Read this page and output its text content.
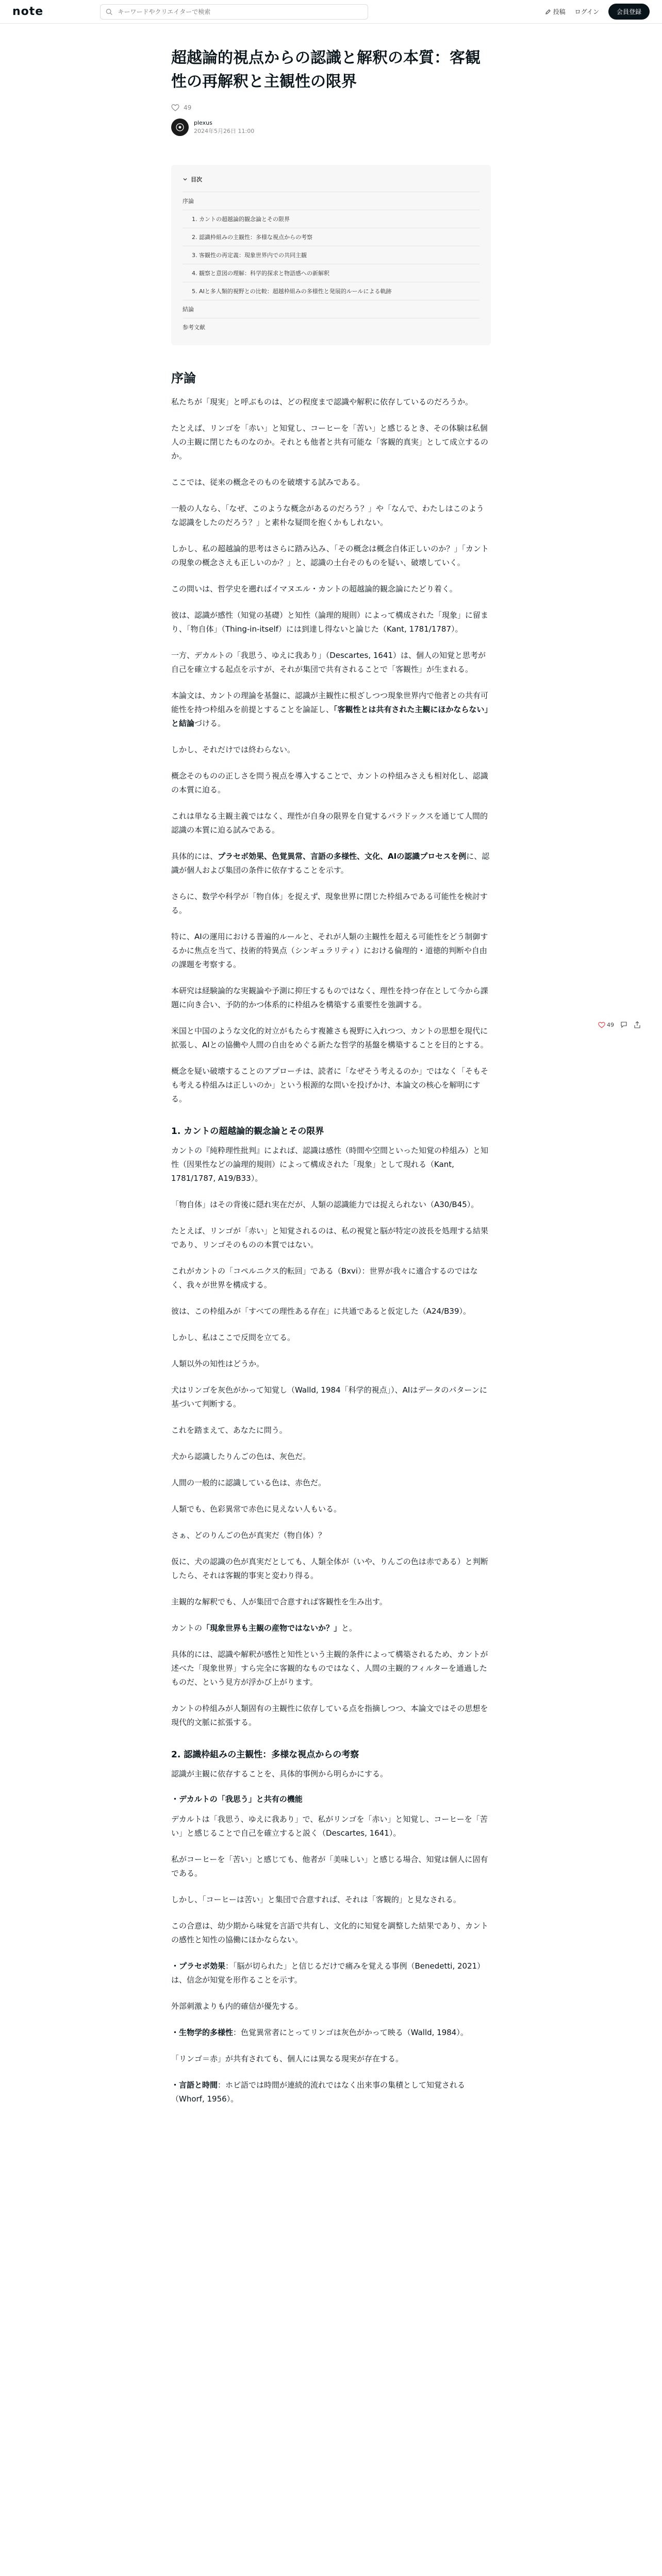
note
キーワードやクリエイターで検索	投稿 ログイン	会員登録
超越論的視点からの認識と解釈の本質：客観性の再解釈と主観性の限界
49
plexus
2024年5月26日 11:00
目次
序論
1. カントの超越論的観念論とその限界
2. 認識枠組みの主観性：多様な視点からの考察
3. 客観性の再定義：現象世界内での共同主観
4. 観察と意図の理解：科学的探求と物語感への新解釈
5. AIと多人類的視野との比較：超越枠組みの多様性と発展的ルールによる軌跡
結論
参考文献
序論

私たちが「現実」と呼ぶものは、どの程度まで認識や解釈に依存しているのだろうか。

たとえば、リンゴを「赤い」と知覚し、コーヒーを「苦い」と感じるとき、その体験は私個人の主観に閉じたものなのか。それとも他者と共有可能な「客観的真実」として成立するのか。

ここでは、従来の概念そのものを破壊する試みである。

一般の人なら、「なぜ、このような概念があるのだろう？」や「なんで、わたしはこのような認識をしたのだろう？」と素朴な疑問を抱くかもしれない。

しかし、私の超越論的思考はさらに踏み込み、「その概念は概念自体正しいのか？」「カントの現象の概念さえも正しいのか？」と、認識の土台そのものを疑い、破壊していく。

この問いは、哲学史を遡ればイマヌエル・カントの超越論的観念論にたどり着く。

彼は、認識が感性（知覚の基礎）と知性（論理的規則）によって構成された「現象」に留まり、「物自体」（Thing-in-itself）には到達し得ないと論じた（Kant, 1781/1787）。

一方、デカルトの「我思う、ゆえに我あり」（Descartes, 1641）は、個人の知覚と思考が自己を確立する起点を示すが、それが集団で共有されることで「客観性」が生まれる。

本論文は、カントの理論を基盤に、認識が主観性に根ざしつつ現象世界内で他者との共有可能性を持つ枠組みを前提とすることを論証し、「客観性とは共有された主観にほかならない」と結論づける。

しかし、それだけでは終わらない。

概念そのものの正しさを問う視点を導入することで、カントの枠組みさえも相対化し、認識の本質に迫る。

これは単なる主観主義ではなく、理性が自身の限界を自覚するパラドックスを通じて人間的認識の本質に迫る試みである。

具体的には、プラセボ効果、色覚異常、言語の多様性、文化、AIの認識プロセスを例に、認識が個人および集団の条件に依存することを示す。

さらに、数学や科学が「物自体」を捉えず、現象世界に閉じた枠組みである可能性を検討する。

特に、AIの運用における普遍的ルールと、それが人類の主観性を超える可能性をどう制御するかに焦点を当て、技術的特異点（シンギュラリティ）における倫理的・道徳的判断や自由の課題を考察する。

本研究は経験論的な実観論や予測に抑圧するものではなく、理性を持つ存在として今から課題に向き合い、予防的かつ体系的に枠組みを構築する重要性を強調する。

米国と中国のような文化的対立がもたらす複雑さも視野に入れつつ、カントの思想を現代に拡張し、AIとの協働や人間の自由をめぐる新たな哲学的基盤を構築することを目的とする。

概念を疑い破壊することのアプローチは、読者に「なぜそう考えるのか」ではなく「そもそも考える枠組みは正しいのか」という根源的な問いを投げかけ、本論文の核心を解明にする。

1. カントの超越論的観念論とその限界

カントの『純粋理性批判』によれば、認識は感性（時間や空間といった知覚の枠組み）と知性（因果性などの論理的規則）によって構成された「現象」として現れる（Kant, 1781/1787, A19/B33）。

「物自体」はその背後に隠れ実在だが、人類の認識能力では捉えられない（A30/B45）。

たとえば、リンゴが「赤い」と知覚されるのは、私の視覚と脳が特定の波長を処理する結果であり、リンゴそのものの本質ではない。

これがカントの「コペルニクス的転回」である（Bxvi）：世界が我々に適合するのではなく、我々が世界を構成する。

彼は、この枠組みが「すべての理性ある存在」に共通であると仮定した（A24/B39）。

しかし、私はここで反問を立てる。

人類以外の知性はどうか。

犬はリンゴを灰色がかって知覚し（Walld, 1984「科学的視点」）、AIはデータのパターンに基づいて判断する。

これを踏まえて、あなたに問う。

犬から認識したりんごの色は、灰色だ。

人間の一般的に認識している色は、赤色だ。

人類でも、色彩異常で赤色に見えない人もいる。

さぁ、どのりんごの色が真実だ（物自体）？

仮に、犬の認識の色が真実だとしても、人類全体が（いや、りんごの色は赤である）と判断したら、それは客観的事実と変わり得る。

主観的な解釈でも、人が集団で合意すれば客観性を生み出す。

カントの「現象世界も主観の産物ではないか？」と。

具体的には、認識や解釈が感性と知性という主観的条件によって構築されるため、カントが述べた「現象世界」すら完全に客観的なものではなく、人間の主観的フィルターを通過したものだ、という見方が浮かび上がります。

カントの枠組みが人類固有の主観性に依存している点を指摘しつつ、本論文ではその思想を現代的文脈に拡張する。

2. 認識枠組みの主観性：多様な視点からの考察

認識が主観に依存することを、具体的事例から明らかにする。

・デカルトの「我思う」と共有の機能

デカルトは「我思う、ゆえに我あり」で、私がリンゴを「赤い」と知覚し、コーヒーを「苦い」と感じることで自己を確立すると説く（Descartes, 1641）。

私がコーヒーを「苦い」と感じても、他者が「美味しい」と感じる場合、知覚は個人に固有である。

しかし、「コーヒーは苦い」と集団で合意すれば、それは「客観的」と見なされる。

この合意は、幼少期から味覚を言語で共有し、文化的に知覚を調整した結果であり、カントの感性と知性の協働にほかならない。

・プラセボ効果：「脳が切られた」と信じるだけで痛みを覚える事例（Benedetti, 2021）は、信念が知覚を形作ることを示す。

外部刺激よりも内的確信が優先する。

・生物学的多様性：色覚異常者にとってリンゴは灰色がかって映る（Walld, 1984）。

「リンゴ＝赤」が共有されても、個人には異なる現実が存在する。

・言語と時間：ホピ語では時間が連続的流れではなく出来事の集積として知覚される（Whorf, 1956）。

49
